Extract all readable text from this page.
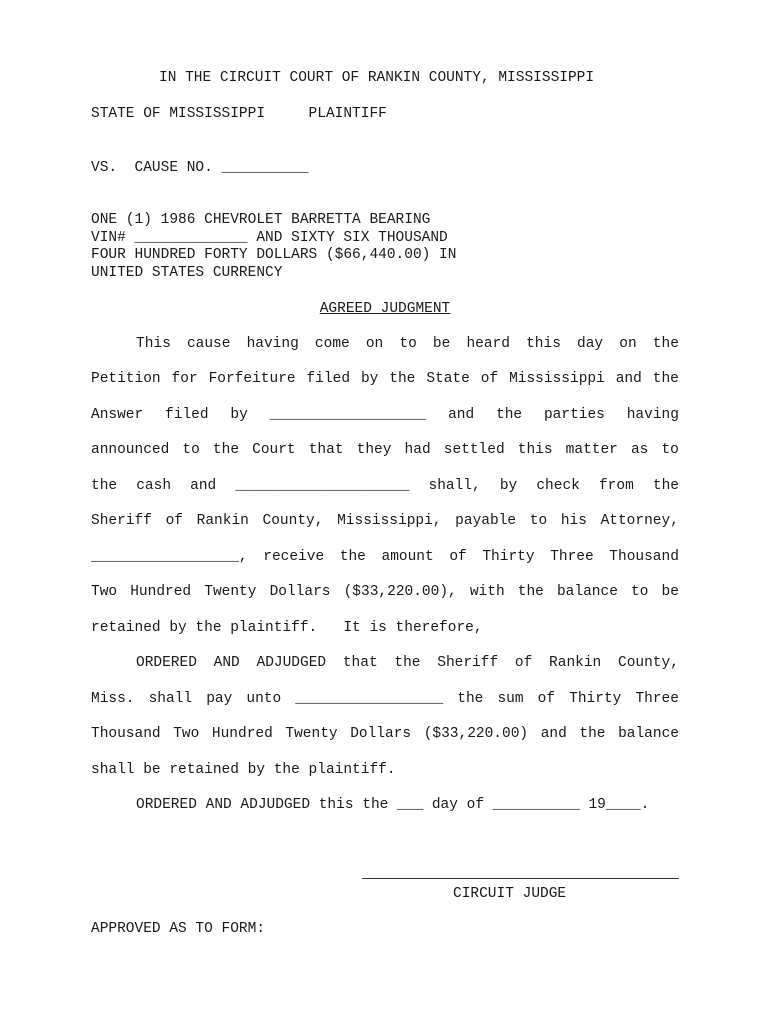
IN THE CIRCUIT COURT OF RANKIN COUNTY, MISSISSIPPI
STATE OF MISSISSIPPI     PLAINTIFF
VS.  CAUSE NO. __________
ONE (1) 1986 CHEVROLET BARRETTA BEARING
VIN# _____________ AND SIXTY SIX THOUSAND
FOUR HUNDRED FORTY DOLLARS ($66,440.00) IN
UNITED STATES CURRENCY
AGREED JUDGMENT
This cause having come on to be heard this day on the
Petition for Forfeiture filed by the State of Mississippi and the
Answer filed by __________________ and the parties having
announced to the Court that they had settled this matter as to
the cash and ____________________ shall, by check from the
Sheriff of Rankin County, Mississippi, payable to his Attorney,
_________________, receive the amount of Thirty Three Thousand
Two Hundred Twenty Dollars ($33,220.00), with the balance to be
retained by the plaintiff.   It is therefore,
ORDERED AND ADJUDGED that the Sheriff of Rankin County,
Miss. shall pay unto _________________ the sum of Thirty Three
Thousand Two Hundred Twenty Dollars ($33,220.00) and the balance
shall be retained by the plaintiff.
ORDERED AND ADJUDGED this the ___ day of __________ 19____.
CIRCUIT JUDGE
APPROVED AS TO FORM:
